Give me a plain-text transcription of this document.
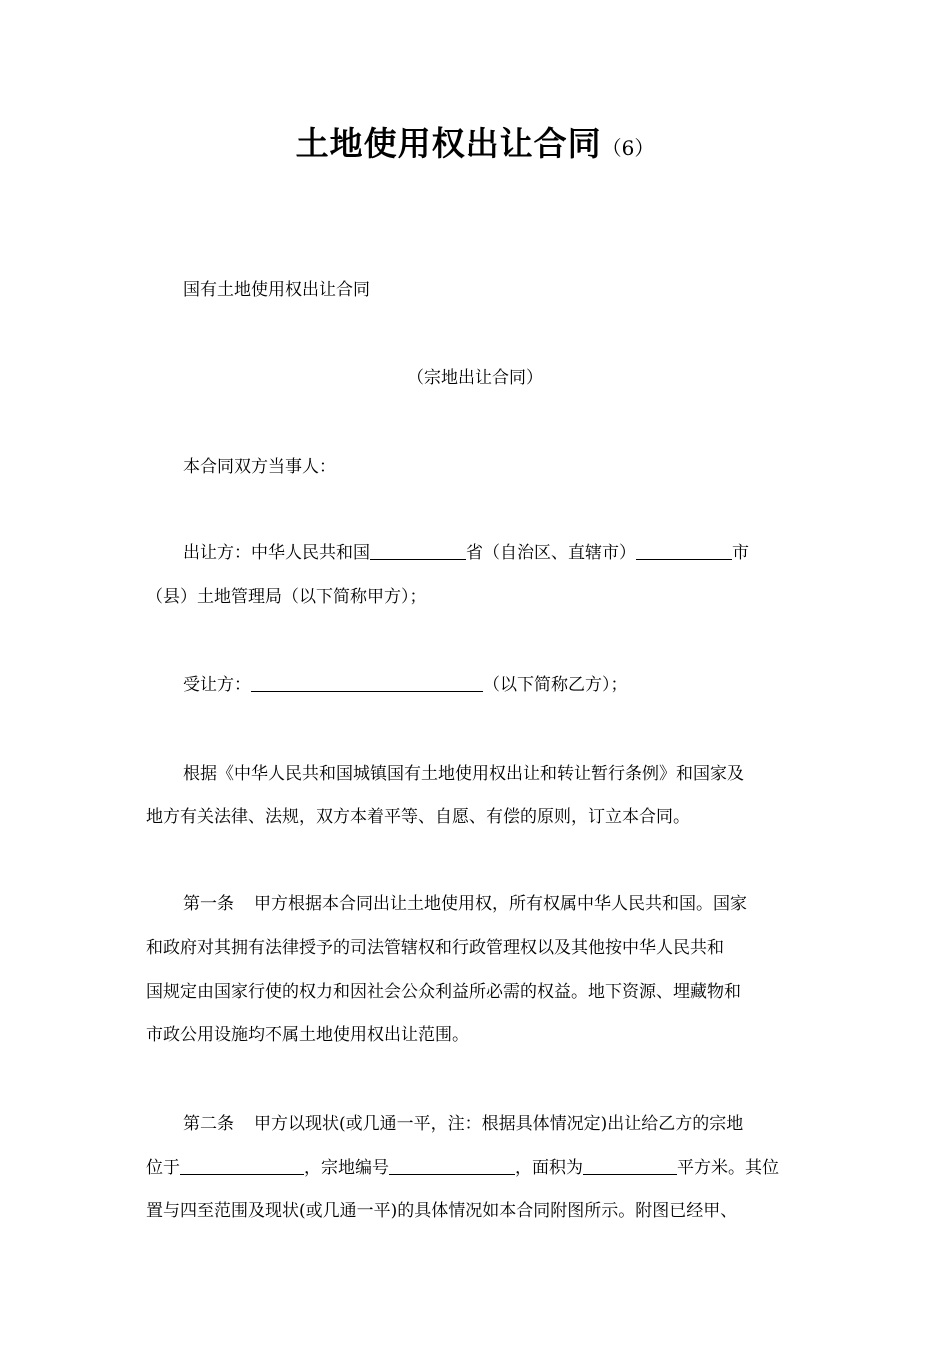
土地使用权出让合同（6）
国有土地使用权出让合同
（宗地出让合同）
本合同双方当事人：
出让方：中华人民共和国	省（自治区、直辖市）	市
（县）土地管理局（以下简称甲方）；
受让方：	（以下简称乙方）；
根据《中华人民共和国城镇国有土地使用权出让和转让暂行条例》和国家及
地方有关法律、法规，双方本着平等、自愿、有偿的原则，订立本合同。
第一条 甲方根据本合同出让土地使用权，所有权属中华人民共和国。国家
和政府对其拥有法律授予的司法管辖权和行政管理权以及其他按中华人民共和
国规定由国家行使的权力和因社会公众利益所必需的权益。地下资源、埋藏物和
市政公用设施均不属土地使用权出让范围。
第二条 甲方以现状(或几通一平，注：根据具体情况定)出让给乙方的宗地
位于	，宗地编号	，面积为	平方米。其位
置与四至范围及现状(或几通一平)的具体情况如本合同附图所示。附图已经甲、
